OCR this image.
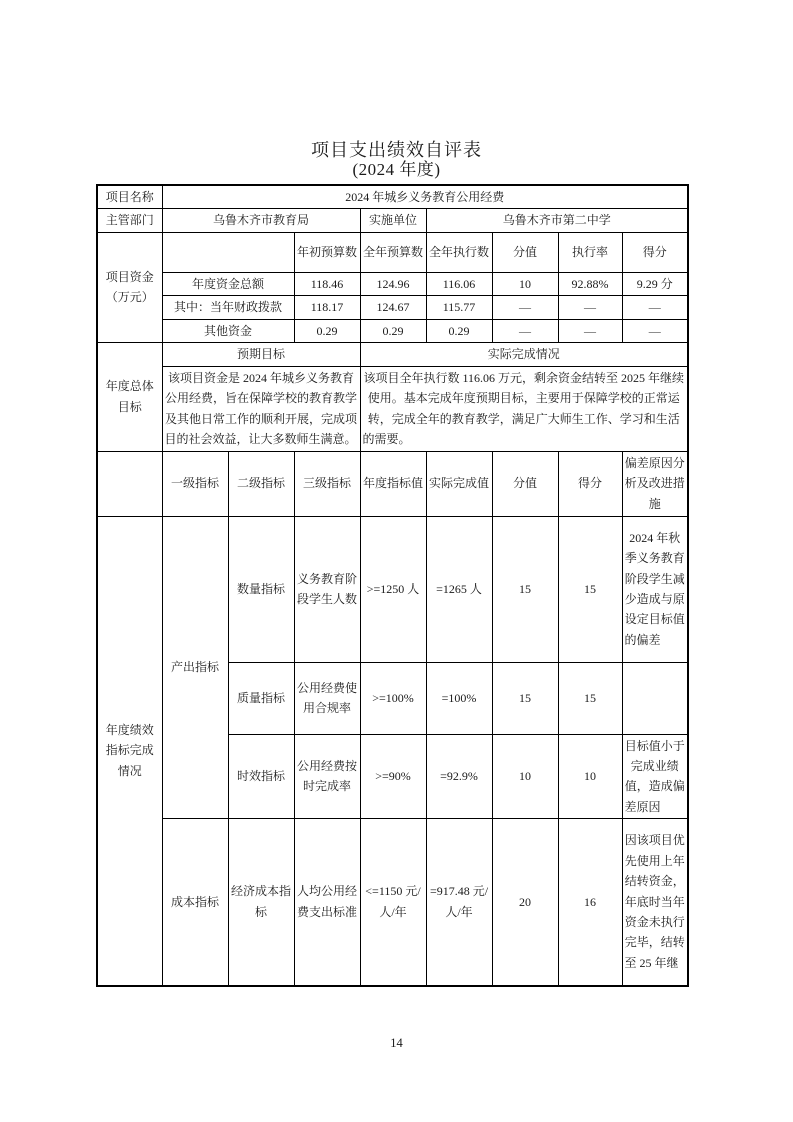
项目支出绩效自评表
(2024 年度)
项目名称	2024 年城乡义务教育公用经费							
主管部门	乌鲁木齐市教育局			实施单位	乌鲁木齐市第二中学			
项目资金（万元）			年初预算数	全年预算数	全年执行数	分值	执行率	得分
	年度资金总额		118.46	124.96	116.06	10	92.88%	9.29 分
	其中：当年财政拨款		118.17	124.67	115.77	—	—	—
	其他资金		0.29	0.29	0.29	—	—	—
年度总体目标	预期目标			实际完成情况				
	该项目资金是 2024 年城乡义务教育公用经费，旨在保障学校的教育教学及其他日常工作的顺利开展，完成项目的社会效益，让大多数师生满意。			该项目全年执行数 116.06 万元，剩余资金结转至 2025 年继续使用。基本完成年度预期目标，主要用于保障学校的正常运转，完成全年的教育教学，满足广大师生工作、学习和生活的需要。				
	一级指标	二级指标	三级指标	年度指标值	实际完成值	分值	得分	偏差原因分析及改进措施
年度绩效指标完成情况	产出指标	数量指标	义务教育阶段学生人数	>=1250 人	=1265 人	15	15	2024 年秋季义务教育阶段学生减少造成与原设定目标值的偏差
		质量指标	公用经费使用合规率	>=100%	=100%	15	15	
		时效指标	公用经费按时完成率	>=90%	=92.9%	10	10	目标值小于完成业绩值，造成偏差原因
	成本指标	经济成本指标	人均公用经费支出标准	<=1150 元/人/年	=917.48 元/人/年	20	16	因该项目优先使用上年结转资金，年底时当年资金未执行完毕，结转至 25 年继
14
